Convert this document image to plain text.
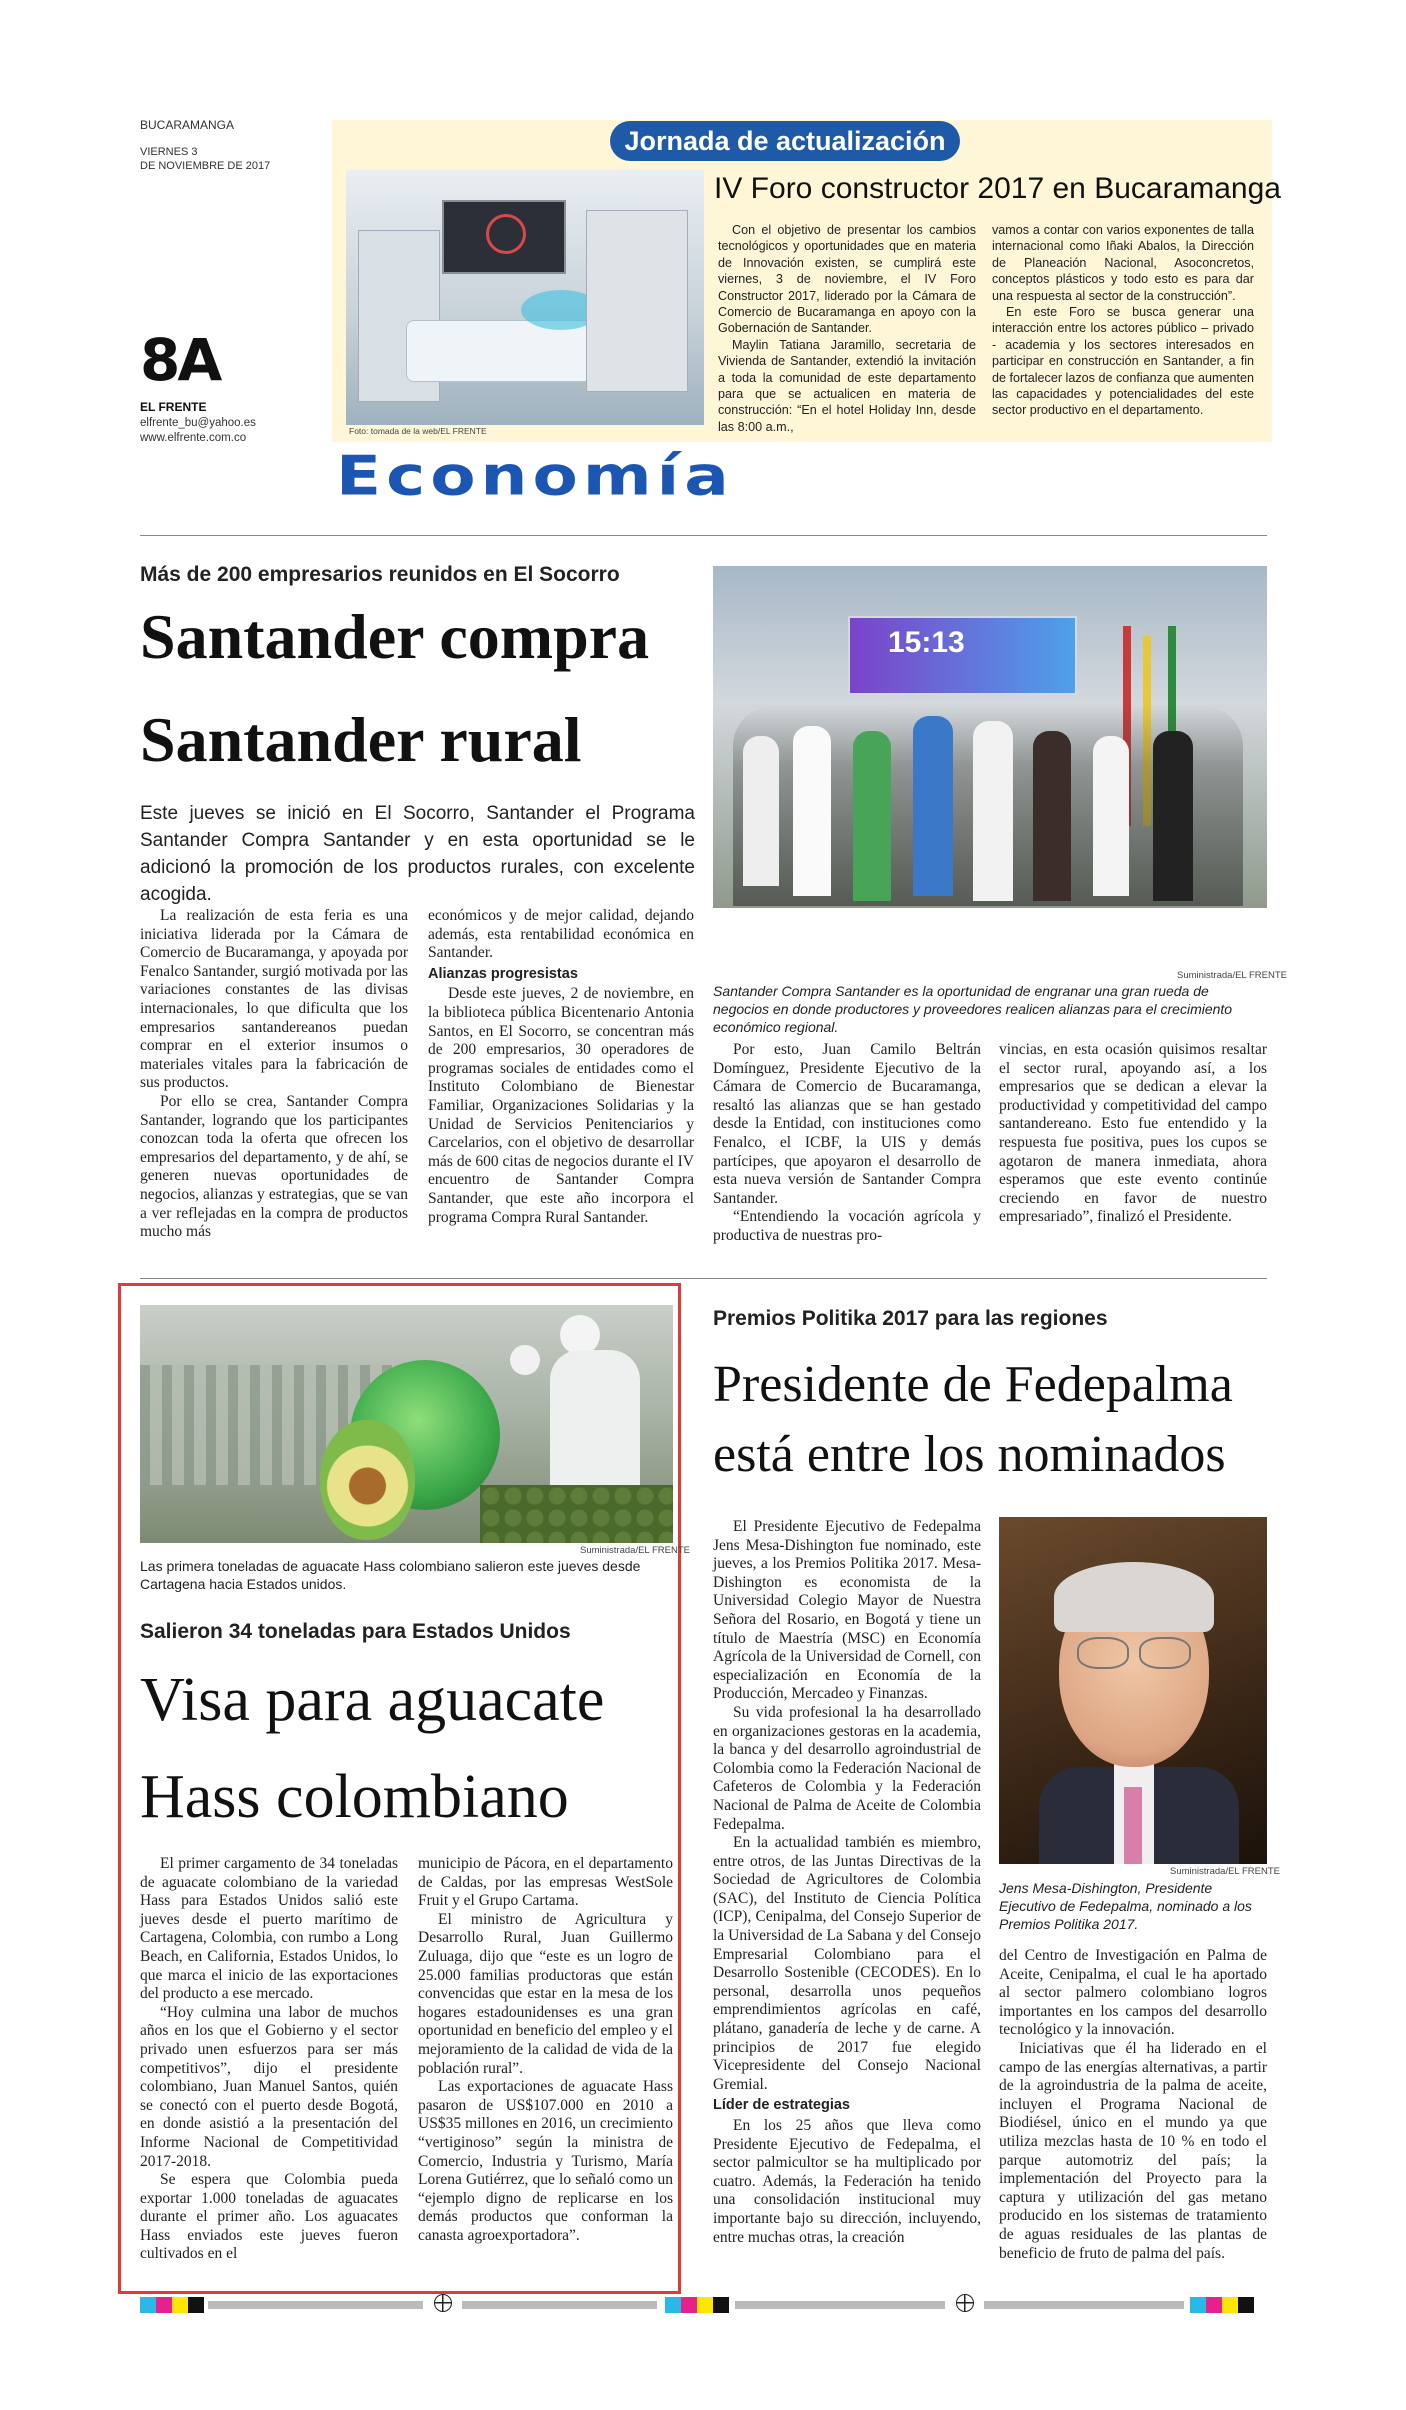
BUCARAMANGA
VIERNES 3
DE NOVIEMBRE DE 2017
8A
EL FRENTE
elfrente_bu@yahoo.es
www.elfrente.com.co
Jornada de actualización
Foto: tomada de la web/EL FRENTE
IV Foro constructor 2017 en Bucaramanga
Con el objetivo de presentar los cambios tecnológicos y oportunidades que en materia de Innovación existen, se cumplirá este viernes, 3 de noviembre, el IV Foro Constructor 2017, liderado por la Cámara de Comercio de Bucaramanga en apoyo con la Gobernación de Santander.
Maylin Tatiana Jaramillo, secretaria de Vivienda de Santander, extendió la invitación a toda la comunidad de este departamento para que se actualicen en materia de construcción: “En el hotel Holiday Inn, desde las 8:00 a.m.,
vamos a contar con varios exponentes de talla internacional como Iñaki Abalos, la Dirección de Planeación Nacional, Asoconcretos, conceptos plásticos y todo esto es para dar una respuesta al sector de la construcción”.
En este Foro se busca generar una interacción entre los actores público – privado - academia y los sectores interesados en participar en construcción en Santander, a fin de fortalecer lazos de confianza que aumenten las capacidades y potencialidades del este sector productivo en el departamento.
Economía
Más de 200 empresarios reunidos en El Socorro
Santander compra
Santander rural
Este jueves se inició en El Socorro, Santander el Programa Santander Compra Santander y en esta oportunidad se le adicionó la promoción de los productos rurales, con excelente acogida.
15:13
Suministrada/EL FRENTE
Santander Compra Santander es la oportunidad de engranar una gran rueda de negocios en donde productores y proveedores realicen alianzas para el crecimiento económico regional.

La realización de esta feria es una iniciativa liderada por la Cámara de Comercio de Bucaramanga, y apoyada por Fenalco Santander, surgió motivada por las variaciones constantes de las divisas internacionales, lo que dificulta que los empresarios santandereanos puedan comprar en el exterior insumos o materiales vitales para la fabricación de sus productos.

Por ello se crea, Santander Compra Santander, logrando que los participantes conozcan toda la oferta que ofrecen los empresarios del departamento, y de ahí, se generen nuevas oportunidades de negocios, alianzas y estrategias, que se van a ver reflejadas en la compra de productos mucho más

económicos y de mejor calidad, dejando además, esta rentabilidad económica en Santander.

Alianzas progresistas

Desde este jueves, 2 de noviembre, en la biblioteca pública Bicentenario Antonia Santos, en El Socorro, se concentran más de 200 empresarios, 30 operadores de programas sociales de entidades como el Instituto Colombiano de Bienestar Familiar, Organizaciones Solidarias y la Unidad de Servicios Penitenciarios y Carcelarios, con el objetivo de desarrollar más de 600 citas de negocios durante el IV encuentro de Santander Compra Santander, que este año incorpora el programa Compra Rural Santander.

Por esto, Juan Camilo Beltrán Domínguez, Presidente Ejecutivo de la Cámara de Comercio de Bucaramanga, resaltó las alianzas que se han gestado desde la Entidad, con instituciones como Fenalco, el ICBF, la UIS y demás partícipes, que apoyaron el desarrollo de esta nueva versión de Santander Compra Santander.

“Entendiendo la vocación agrícola y productiva de nuestras pro-

vincias, en esta ocasión quisimos resaltar el sector rural, apoyando así, a los empresarios que se dedican a elevar la productividad y competitividad del campo santandereano. Esto fue entendido y la respuesta fue positiva, pues los cupos se agotaron de manera inmediata, ahora esperamos que este evento continúe creciendo en favor de nuestro empresariado”, finalizó el Presidente.

Suministrada/EL FRENTE
Las primera toneladas de aguacate Hass colombiano salieron este jueves desde Cartagena hacia Estados unidos.
Salieron 34 toneladas para Estados Unidos
Visa para aguacate
Hass colombiano

El primer cargamento de 34 toneladas de aguacate colombiano de la variedad Hass para Estados Unidos salió este jueves desde el puerto marítimo de Cartagena, Colombia, con rumbo a Long Beach, en California, Estados Unidos, lo que marca el inicio de las exportaciones del producto a ese mercado.

“Hoy culmina una labor de muchos años en los que el Gobierno y el sector privado unen esfuerzos para ser más competitivos”, dijo el presidente colombiano, Juan Manuel Santos, quién se conectó con el puerto desde Bogotá, en donde asistió a la presentación del Informe Nacional de Competitividad 2017-2018.

Se espera que Colombia pueda exportar 1.000 toneladas de aguacates durante el primer año. Los aguacates Hass enviados este jueves fueron cultivados en el

municipio de Pácora, en el departamento de Caldas, por las empresas WestSole Fruit y el Grupo Cartama.

El ministro de Agricultura y Desarrollo Rural, Juan Guillermo Zuluaga, dijo que “este es un logro de 25.000 familias productoras que están convencidas que estar en la mesa de los hogares estadounidenses es una gran oportunidad en beneficio del empleo y el mejoramiento de la calidad de vida de la población rural”.

Las exportaciones de aguacate Hass pasaron de US$107.000 en 2010 a US$35 millones en 2016, un crecimiento “vertiginoso” según la ministra de Comercio, Industria y Turismo, María Lorena Gutiérrez, que lo señaló como un “ejemplo digno de replicarse en los demás productos que conforman la canasta agroexportadora”.

Premios Politika 2017 para las regiones
Presidente de Fedepalma
está entre los nominados
Suministrada/EL FRENTE
Jens Mesa-Dishington, Presidente Ejecutivo de Fedepalma, nominado a los Premios Politika 2017.

El Presidente Ejecutivo de Fedepalma Jens Mesa-Dishington fue nominado, este jueves, a los Premios Politika 2017. Mesa-Dishington es economista de la Universidad Colegio Mayor de Nuestra Señora del Rosario, en Bogotá y tiene un título de Maestría (MSC) en Economía Agrícola de la Universidad de Cornell, con especialización en Economía de la Producción, Mercadeo y Finanzas.

Su vida profesional la ha desarrollado en organizaciones gestoras en la academia, la banca y del desarrollo agroindustrial de Colombia como la Federación Nacional de Cafeteros de Colombia y la Federación Nacional de Palma de Aceite de Colombia Fedepalma.

En la actualidad también es miembro, entre otros, de las Juntas Directivas de la Sociedad de Agricultores de Colombia (SAC), del Instituto de Ciencia Política (ICP), Cenipalma, del Consejo Superior de la Universidad de La Sabana y del Consejo Empresarial Colombiano para el Desarrollo Sostenible (CECODES). En lo personal, desarrolla unos pequeños emprendimientos agrícolas en café, plátano, ganadería de leche y de carne. A principios de 2017 fue elegido Vicepresidente del Consejo Nacional Gremial.

Líder de estrategias

En los 25 años que lleva como Presidente Ejecutivo de Fedepalma, el sector palmicultor se ha multiplicado por cuatro. Además, la Federación ha tenido una consolidación institucional muy importante bajo su dirección, incluyendo, entre muchas otras, la creación

del Centro de Investigación en Palma de Aceite, Cenipalma, el cual le ha aportado al sector palmero colombiano logros importantes en los campos del desarrollo tecnológico y la innovación.

Iniciativas que él ha liderado en el campo de las energías alternativas, a partir de la agroindustria de la palma de aceite, incluyen el Programa Nacional de Biodiésel, único en el mundo ya que utiliza mezclas hasta de 10 % en todo el parque automotriz del país; la implementación del Proyecto para la captura y utilización del gas metano producido en los sistemas de tratamiento de aguas residuales de las plantas de beneficio de fruto de palma del país.
